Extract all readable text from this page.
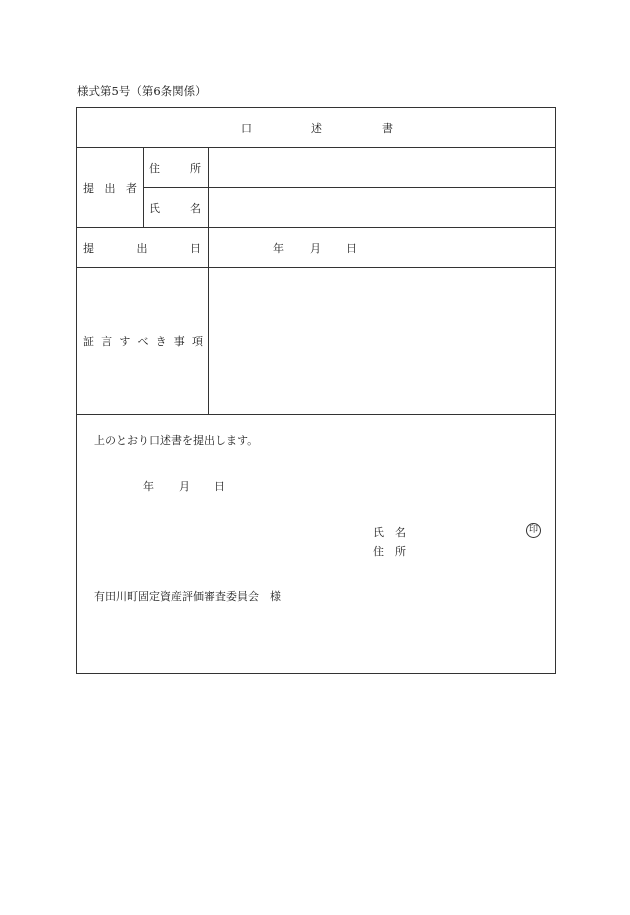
様式第5号（第6条関係）
口	述	書
提 出 者
住	所
氏	名
提	出	日	年 月 日
証 言 す べ き 事 項
上のとおり口述書を提出します。
年 月 日
氏　名	印
住　所
有田川町固定資産評価審査委員会　様
